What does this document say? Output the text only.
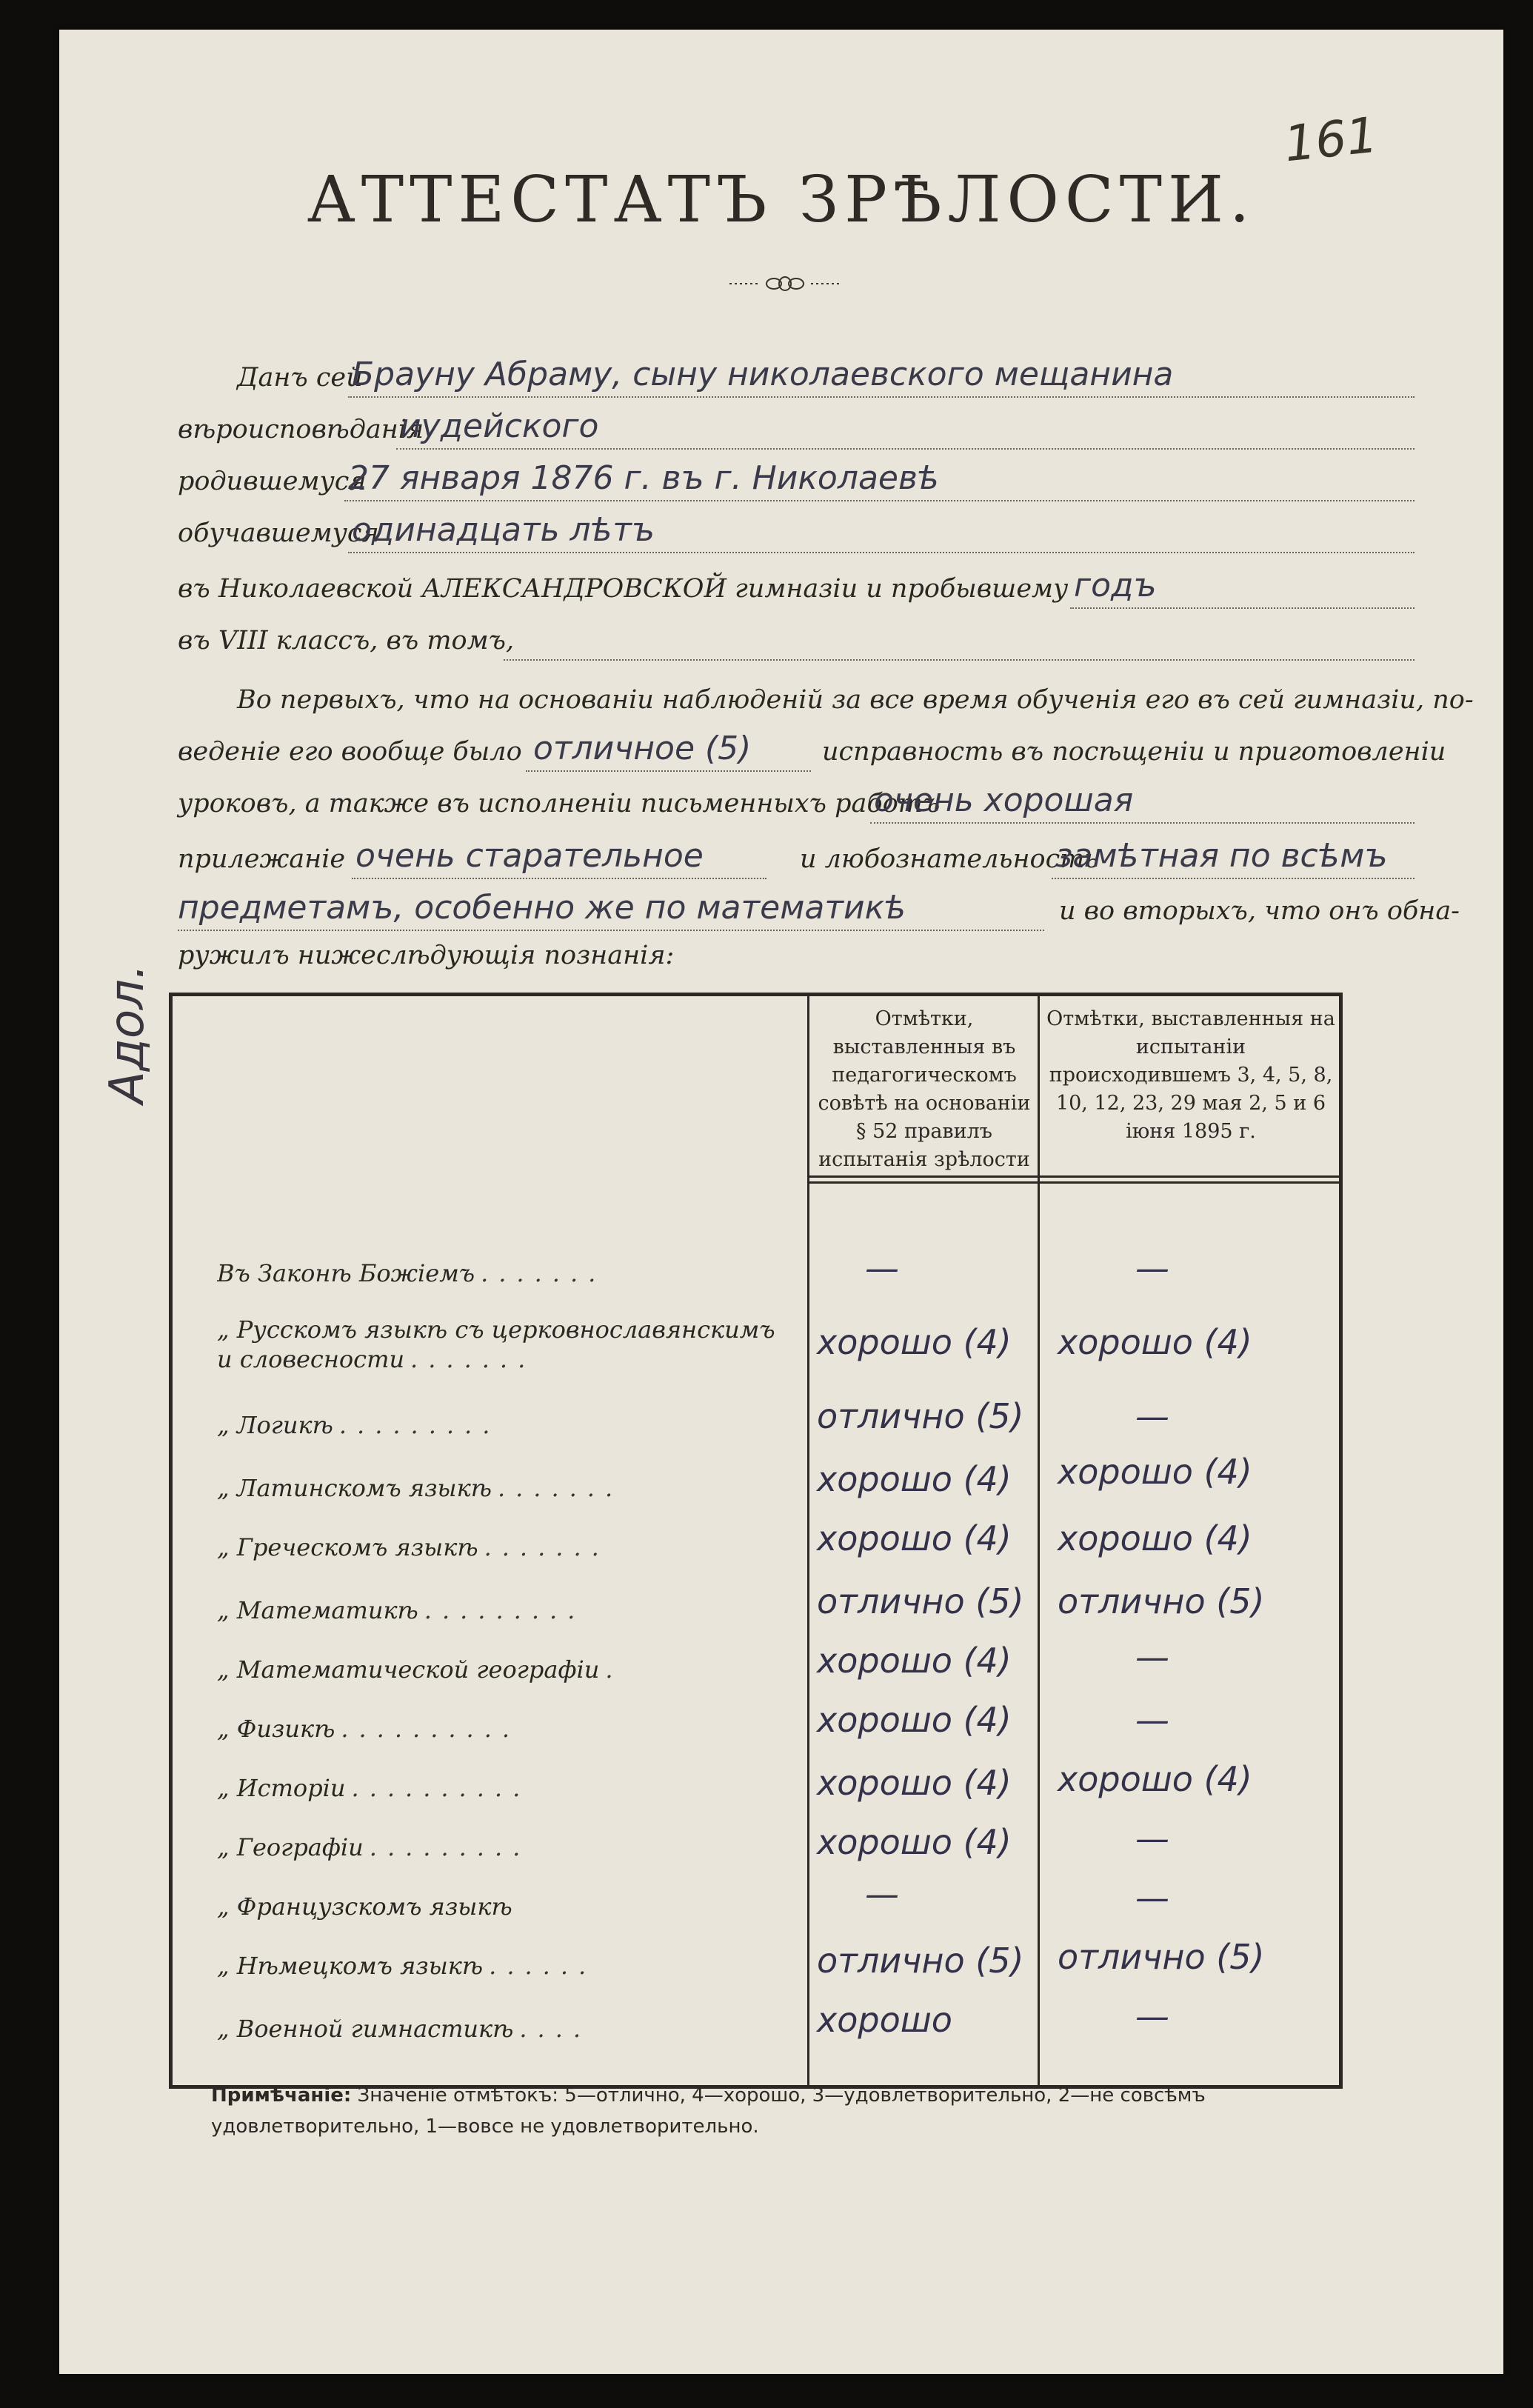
161
АТТЕСТАТЪ ЗРѢЛОСТИ.
Данъ сей
Брауну Абраму, сыну николаевского мещанина
вѣроисповѣданія
иудейского
родившемуся
27 января 1876 г. въ г. Николаевѣ
обучавшемуся
одинадцать лѣтъ
въ Николаевской АЛЕКСАНДРОВСКОЙ гимназіи и пробывшему годъ
въ VIII классъ, въ томъ,
Во первыхъ, что на основаніи наблюденій за все время обученія его въ сей гимназіи, по-
веденіе его вообще было отличное (5)	исправность въ посѣщеніи и приготовленіи
уроковъ, а также въ исполненіи письменныхъ работъ
очень хорошая
прилежаніе очень старательное	и любознательность
замѣтная по всѣмъ
предметамъ, особенно же по математикѣ	и во вторыхъ, что онъ обна-
ружилъ нижеслѣдующія познанія:
Адол.	Отмѣтки, выставленныя въ педагогическомъ совѣтѣ на основаніи § 52 правилъ испытанія зрѣлости
Отмѣтки, выставленныя на испытаніи происходившемъ 3, 4, 5, 8, 10, 12, 23, 29 мая 2, 5 и 6 іюня 1895 г.
Въ Законѣ Божіемъ .......	—	—
„ Русскомъ языкѣ съ церковнославянскимъ и словесности .......	хорошо (4) хорошо (4)
„ Логикѣ .........	отлично (5)	—
„ Латинскомъ языкѣ .......	хорошо (4) хорошо (4)
„ Греческомъ языкѣ .......	хорошо (4) хорошо (4)
„ Математикѣ .........	отлично (5) отлично (5)
„ Математической географіи .	хорошо (4)	—
„ Физикѣ ..........	хорошо (4)	—
„ Исторіи ..........	хорошо (4) хорошо (4)
„ Географіи .........	хорошо (4)	—
„ Французскомъ языкѣ	—	—
„ Нѣмецкомъ языкѣ ......	отлично (5) отлично (5)
„ Военной гимнастикѣ ....	хорошо	—
Примѣчаніе: Значеніе отмѣтокъ: 5—отлично, 4—хорошо, 3—удовлетворительно, 2—не совсѣмъ удовлетворительно, 1—вовсе не удовлетворительно.
